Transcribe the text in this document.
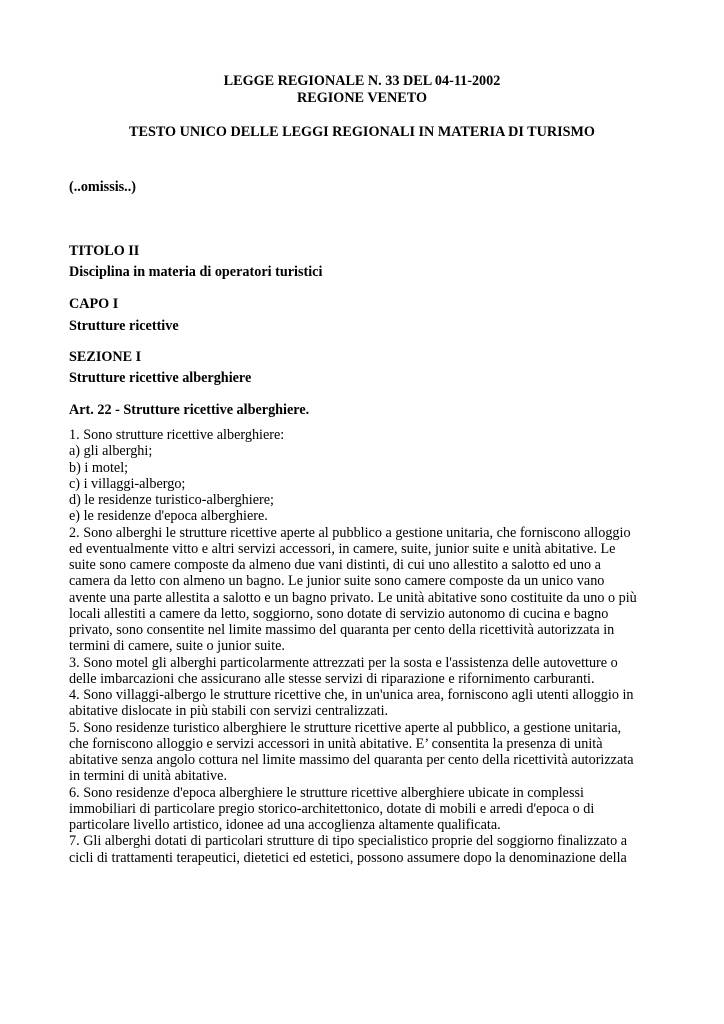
LEGGE REGIONALE N. 33 DEL 04-11-2002
REGIONE VENETO
TESTO UNICO DELLE LEGGI REGIONALI IN MATERIA DI TURISMO
(..omissis..)
TITOLO II
Disciplina in materia di operatori turistici
CAPO I
Strutture ricettive
SEZIONE I
Strutture ricettive alberghiere
Art. 22 - Strutture ricettive alberghiere.
1. Sono strutture ricettive alberghiere:
a) gli alberghi;
b) i motel;
c) i villaggi-albergo;
d) le residenze turistico-alberghiere;
e) le residenze d'epoca alberghiere.
2. Sono alberghi le strutture ricettive aperte al pubblico a gestione unitaria, che forniscono alloggio
ed eventualmente vitto e altri servizi accessori, in camere, suite, junior suite e unità abitative. Le
suite sono camere composte da almeno due vani distinti, di cui uno allestito a salotto ed uno a
camera da letto con almeno un bagno. Le junior suite sono camere composte da un unico vano
avente una parte allestita a salotto e un bagno privato. Le unità abitative sono costituite da uno o più
locali allestiti a camere da letto, soggiorno, sono dotate di servizio autonomo di cucina e bagno
privato, sono consentite nel limite massimo del quaranta per cento della ricettività autorizzata in
termini di camere, suite o junior suite.
3. Sono motel gli alberghi particolarmente attrezzati per la sosta e l'assistenza delle autovetture o
delle imbarcazioni che assicurano alle stesse servizi di riparazione e rifornimento carburanti.
4. Sono villaggi-albergo le strutture ricettive che, in un'unica area, forniscono agli utenti alloggio in
abitative dislocate in più stabili con servizi centralizzati.
5. Sono residenze turistico alberghiere le strutture ricettive aperte al pubblico, a gestione unitaria,
che forniscono alloggio e servizi accessori in unità abitative. E’ consentita la presenza di unità
abitative senza angolo cottura nel limite massimo del quaranta per cento della ricettività autorizzata
in termini di unità abitative.
6. Sono residenze d'epoca alberghiere le strutture ricettive alberghiere ubicate in complessi
immobiliari di particolare pregio storico-architettonico, dotate di mobili e arredi d'epoca o di
particolare livello artistico, idonee ad una accoglienza altamente qualificata.
7. Gli alberghi dotati di particolari strutture di tipo specialistico proprie del soggiorno finalizzato a
cicli di trattamenti terapeutici, dietetici ed estetici, possono assumere dopo la denominazione della
